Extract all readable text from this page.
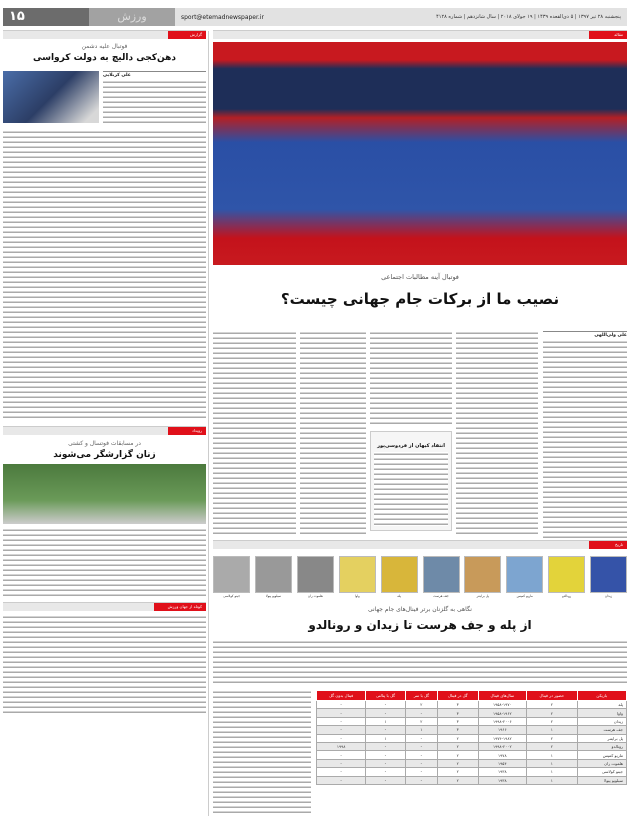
۱۵	ورزش	sport@etemadnewspaper.ir	پنجشنبه ۲۸ تیر ۱۳۹۷ | ۵ ذی‌القعده ۱۴۳۹ | ۱۹ جولای ۲۰۱۸ | سال شانزدهم | شماره ۴۱۲۸
گزارش	مقاله
فوتبال علیه دشمن
دهن‌کجی دالیچ به دولت کرواسی
علی کربلایی
رویداد
در مسابقات فوتسال و کشتی
زنان گزارشگر می‌شوند
کوتاه از جهان ورزش
فوتبال آینه مطالبات اجتماعی
نصیب ما از برکات جام جهانی چیست؟
علی ولی‌اللهی
انتقاد کیهان از فردوسی‌پور
تاریخ
زیدان
رونالدو
ماریو کمپس
پل برایتنر
جف هرست
پله
واوا
هلموت ران
سیلویو پیولا
جینو کولاسی
نگاهی به گلزنان برتر فینال‌های جام جهانی
از پله و جف هرست تا زیدان و رونالدو
بازیکن	حضور در فینال	سال‌های فینال	گل در فینال	گل با سر	گل با پنالتی	فینال بدون گل
پله	۲	۱۹۵۸-۱۹۷۰	۳	۲	-	-
واوا	۲	۱۹۵۸-۱۹۶۲	۳	-	-	-
زیدان	۲	۱۹۹۸-۲۰۰۶	۳	۲	۱	-
جف هرست	۱	۱۹۶۶	۳	۱	-	-
پل برایتنر	۲	۱۹۷۴-۱۹۸۲	۲	-	۱	-
رونالدو	۲	۱۹۹۸-۲۰۰۲	۲	-	-	۱۹۹۸
ماریو کمپس	۱	۱۹۷۸	۲	-	-	-
هلموت ران	۱	۱۹۵۴	۲	-	-	-
جینو کولاسی	۱	۱۹۳۸	۲	-	-	-
سیلویو پیولا	۱	۱۹۳۸	۲	-	-	-
